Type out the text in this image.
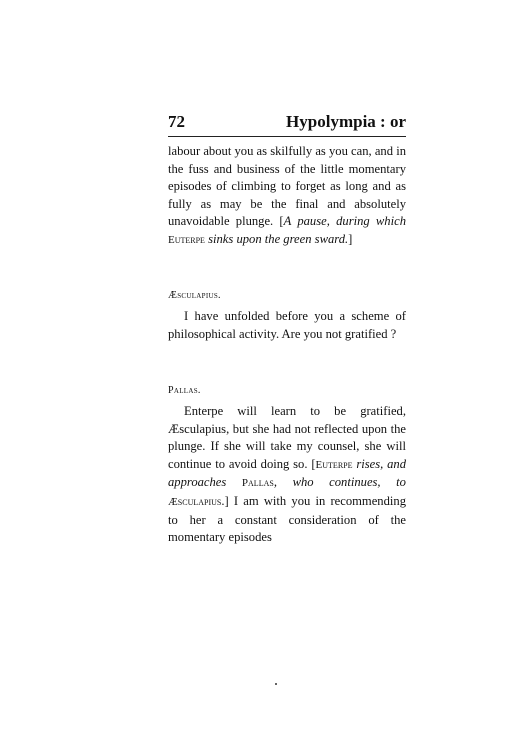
72	Hypolympia : or
labour about you as skilfully as you can, and in the fuss and business of the little momentary episodes of climbing to forget as long and as fully as may be the final and absolutely unavoidable plunge. [A pause, during which Euterpe sinks upon the green sward.]
Æsculapius.
I have unfolded before you a scheme of philosophical activity. Are you not gratified ?
Pallas.
Enterpe will learn to be gratified, Æsculapius, but she had not reflected upon the plunge. If she will take my counsel, she will continue to avoid doing so. [Euterpe rises, and approaches Pallas, who continues, to Æsculapius.] I am with you in recommending to her a constant consideration of the momentary episodes
